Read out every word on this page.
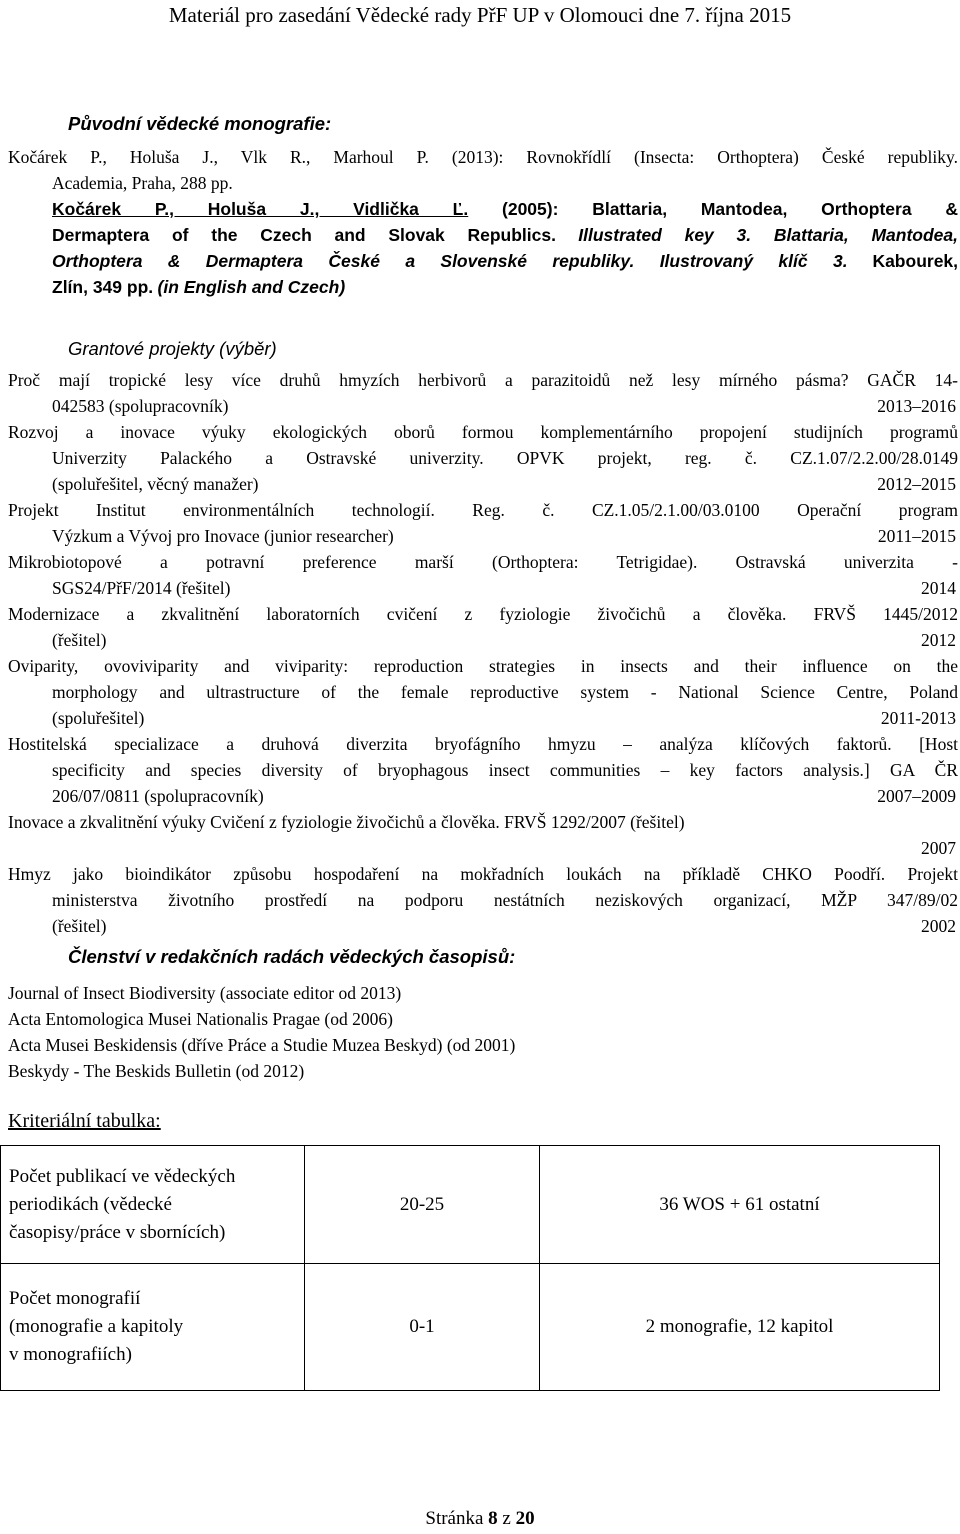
Materiál pro zasedání Vědecké rady PřF UP v Olomouci dne 7. října 2015
Původní vědecké monografie:
Kočárek P., Holuša J., Vlk R., Marhoul P. (2013): Rovnokřídlí (Insecta: Orthoptera) České republiky.
Academia, Praha, 288 pp.
Kočárek P., Holuša J., Vidlička Ľ. (2005): Blattaria, Mantodea, Orthoptera &
Dermaptera of the Czech and Slovak Republics. Illustrated key 3. Blattaria, Mantodea,
Orthoptera & Dermaptera České a Slovenské republiky. Ilustrovaný klíč 3. Kabourek,
Zlín, 349 pp. (in English and Czech)
Grantové projekty (výběr)
Proč mají tropické lesy více druhů hmyzích herbivorů a parazitoidů než lesy mírného pásma? GAČR 14-
042583 (spolupracovník)	2013–2016
Rozvoj a inovace výuky ekologických oborů formou komplementárního propojení studijních programů
Univerzity Palackého a Ostravské univerzity. OPVK projekt, reg. č. CZ.1.07/2.2.00/28.0149
(spoluřešitel, věcný manažer)	2012–2015
Projekt Institut environmentálních technologií. Reg. č. CZ.1.05/2.1.00/03.0100 Operační program
Výzkum a Vývoj pro Inovace (junior researcher)	2011–2015
Mikrobiotopové a potravní preference marší (Orthoptera: Tetrigidae). Ostravská univerzita -
SGS24/PřF/2014 (řešitel)	2014
Modernizace a zkvalitnění laboratorních cvičení z fyziologie živočichů a člověka. FRVŠ 1445/2012
(řešitel)	2012
Oviparity, ovoviviparity and viviparity: reproduction strategies in insects and their influence on the
morphology and ultrastructure of the female reproductive system - National Science Centre, Poland
(spoluřešitel)	2011-2013
Hostitelská specializace a druhová diverzita bryofágního hmyzu – analýza klíčových faktorů. [Host
specificity and species diversity of bryophagous insect communities – key factors analysis.] GA ČR
206/07/0811 (spolupracovník)	2007–2009
Inovace a zkvalitnění výuky Cvičení z fyziologie živočichů a člověka. FRVŠ 1292/2007 (řešitel)
2007
Hmyz jako bioindikátor způsobu hospodaření na mokřadních loukách na příkladě CHKO Poodří. Projekt
ministerstva životního prostředí na podporu nestátních neziskových organizací, MŽP 347/89/02
(řešitel)	2002
Členství v redakčních radách vědeckých časopisů:
Journal of Insect Biodiversity (associate editor od 2013)
Acta Entomologica Musei Nationalis Pragae (od 2006)
Acta Musei Beskidensis (dříve Práce a Studie Muzea Beskyd) (od 2001)
Beskydy - The Beskids Bulletin (od 2012)
Kriteriální tabulka:
Počet publikací ve vědeckých
periodikách (vědecké
časopisy/práce v sbornících)	20-25	36 WOS + 61 ostatní

Počet monografií
(monografie a kapitoly
v monografiích)	0-1	2 monografie, 12 kapitol
Stránka 8 z 20
